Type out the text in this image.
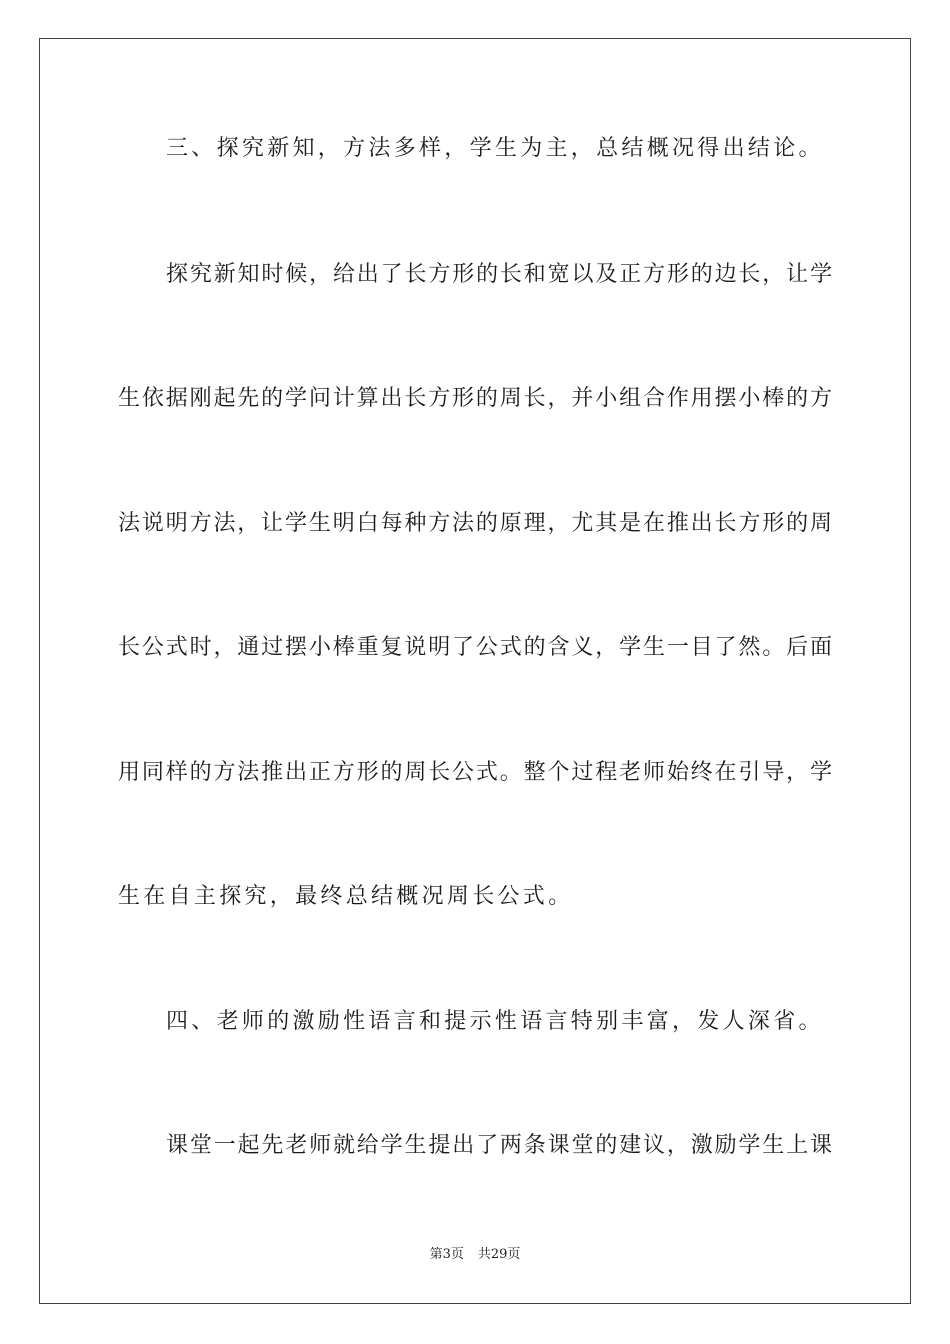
三、探究新知，方法多样，学生为主，总结概况得出结论。
探究新知时候，给出了长方形的长和宽以及正方形的边长，让学
生依据刚起先的学问计算出长方形的周长，并小组合作用摆小棒的方
法说明方法，让学生明白每种方法的原理，尤其是在推出长方形的周
长公式时，通过摆小棒重复说明了公式的含义，学生一目了然。后面
用同样的方法推出正方形的周长公式。整个过程老师始终在引导，学
生在自主探究，最终总结概况周长公式。
四、老师的激励性语言和提示性语言特别丰富，发人深省。
课堂一起先老师就给学生提出了两条课堂的建议，激励学生上课
第3页 共29页
